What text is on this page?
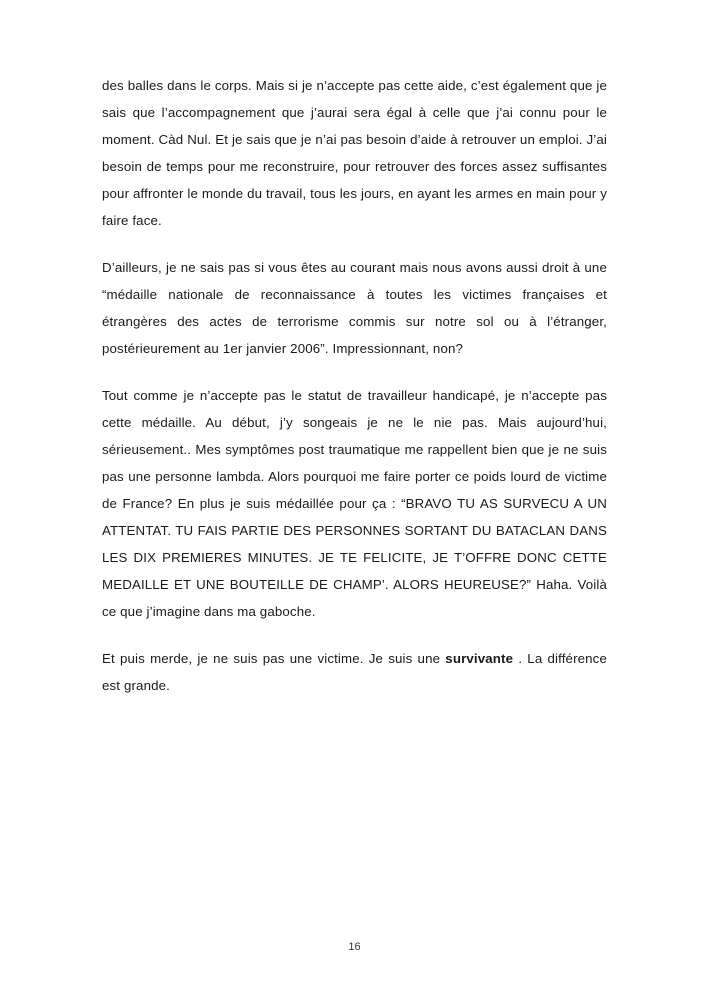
des balles dans le corps. Mais si je n’accepte pas cette aide, c’est également que je sais que l’accompagnement que j’aurai sera égal à celle que j’ai connu pour le moment. Càd Nul. Et je sais que je n’ai pas besoin d’aide à retrouver un emploi. J’ai besoin de temps pour me reconstruire, pour retrouver des forces assez suffisantes pour affronter le monde du travail, tous les jours, en ayant les armes en main pour y faire face.

D’ailleurs, je ne sais pas si vous êtes au courant mais nous avons aussi droit à une “médaille nationale de reconnaissance à toutes les victimes françaises et étrangères des actes de terrorisme commis sur notre sol ou à l’étranger, postérieurement au 1er janvier 2006”. Impressionnant, non?

Tout comme je n’accepte pas le statut de travailleur handicapé, je n’accepte pas cette médaille. Au début, j’y songeais je ne le nie pas. Mais aujourd’hui, sérieusement.. Mes symptômes post traumatique me rappellent bien que je ne suis pas une personne lambda. Alors pourquoi me faire porter ce poids lourd de victime de France? En plus je suis médaillée pour ça : “BRAVO TU AS SURVECU A UN ATTENTAT. TU FAIS PARTIE DES PERSONNES SORTANT DU BATACLAN DANS LES DIX PREMIERES MINUTES. JE TE FELICITE, JE T’OFFRE DONC CETTE MEDAILLE ET UNE BOUTEILLE DE CHAMP’. ALORS HEUREUSE?” Haha. Voilà ce que j’imagine dans ma gaboche.

Et puis merde, je ne suis pas une victime. Je suis une survivante . La différence est grande.

16
